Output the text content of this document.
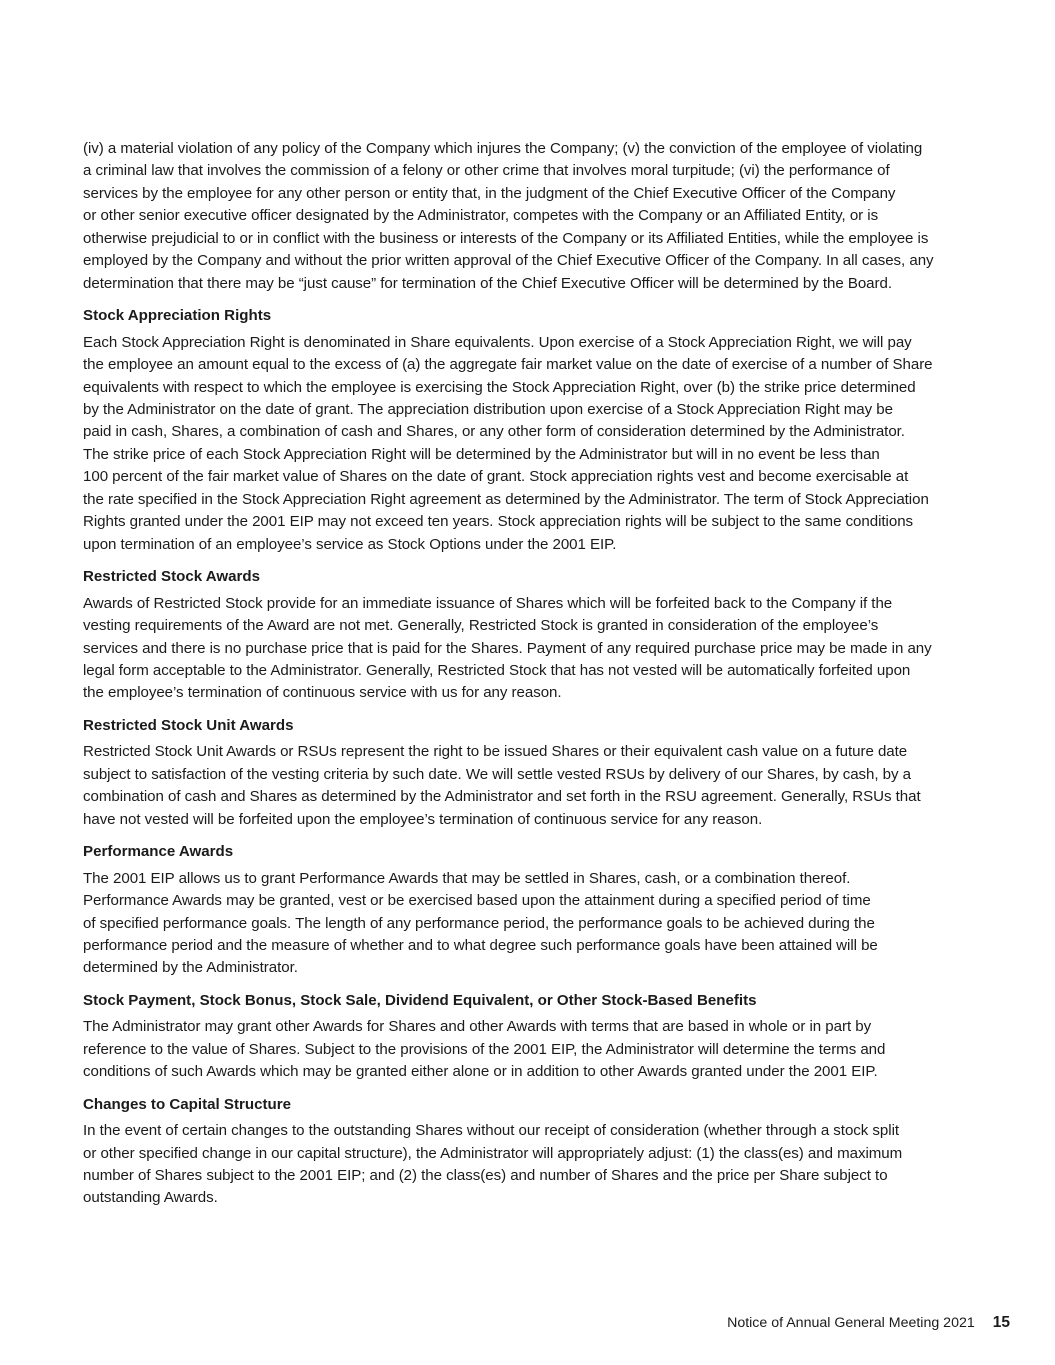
(iv) a material violation of any policy of the Company which injures the Company; (v) the conviction of the employee of violating
a criminal law that involves the commission of a felony or other crime that involves moral turpitude; (vi) the performance of
services by the employee for any other person or entity that, in the judgment of the Chief Executive Officer of the Company
or other senior executive officer designated by the Administrator, competes with the Company or an Affiliated Entity, or is
otherwise prejudicial to or in conflict with the business or interests of the Company or its Affiliated Entities, while the employee is
employed by the Company and without the prior written approval of the Chief Executive Officer of the Company. In all cases, any
determination that there may be “just cause” for termination of the Chief Executive Officer will be determined by the Board.

Stock Appreciation Rights

Each Stock Appreciation Right is denominated in Share equivalents. Upon exercise of a Stock Appreciation Right, we will pay
the employee an amount equal to the excess of (a) the aggregate fair market value on the date of exercise of a number of Share
equivalents with respect to which the employee is exercising the Stock Appreciation Right, over (b) the strike price determined
by the Administrator on the date of grant. The appreciation distribution upon exercise of a Stock Appreciation Right may be
paid in cash, Shares, a combination of cash and Shares, or any other form of consideration determined by the Administrator.
The strike price of each Stock Appreciation Right will be determined by the Administrator but will in no event be less than
100 percent of the fair market value of Shares on the date of grant. Stock appreciation rights vest and become exercisable at
the rate specified in the Stock Appreciation Right agreement as determined by the Administrator. The term of Stock Appreciation
Rights granted under the 2001 EIP may not exceed ten years. Stock appreciation rights will be subject to the same conditions
upon termination of an employee’s service as Stock Options under the 2001 EIP.

Restricted Stock Awards

Awards of Restricted Stock provide for an immediate issuance of Shares which will be forfeited back to the Company if the
vesting requirements of the Award are not met. Generally, Restricted Stock is granted in consideration of the employee’s
services and there is no purchase price that is paid for the Shares. Payment of any required purchase price may be made in any
legal form acceptable to the Administrator. Generally, Restricted Stock that has not vested will be automatically forfeited upon
the employee’s termination of continuous service with us for any reason.

Restricted Stock Unit Awards

Restricted Stock Unit Awards or RSUs represent the right to be issued Shares or their equivalent cash value on a future date
subject to satisfaction of the vesting criteria by such date. We will settle vested RSUs by delivery of our Shares, by cash, by a
combination of cash and Shares as determined by the Administrator and set forth in the RSU agreement. Generally, RSUs that
have not vested will be forfeited upon the employee’s termination of continuous service for any reason.

Performance Awards

The 2001 EIP allows us to grant Performance Awards that may be settled in Shares, cash, or a combination thereof.
Performance Awards may be granted, vest or be exercised based upon the attainment during a specified period of time
of specified performance goals. The length of any performance period, the performance goals to be achieved during the
performance period and the measure of whether and to what degree such performance goals have been attained will be
determined by the Administrator.

Stock Payment, Stock Bonus, Stock Sale, Dividend Equivalent, or Other Stock-Based Benefits

The Administrator may grant other Awards for Shares and other Awards with terms that are based in whole or in part by
reference to the value of Shares. Subject to the provisions of the 2001 EIP, the Administrator will determine the terms and
conditions of such Awards which may be granted either alone or in addition to other Awards granted under the 2001 EIP.

Changes to Capital Structure

In the event of certain changes to the outstanding Shares without our receipt of consideration (whether through a stock split
or other specified change in our capital structure), the Administrator will appropriately adjust: (1) the class(es) and maximum
number of Shares subject to the 2001 EIP; and (2) the class(es) and number of Shares and the price per Share subject to
outstanding Awards.

Notice of Annual General Meeting 2021 15
